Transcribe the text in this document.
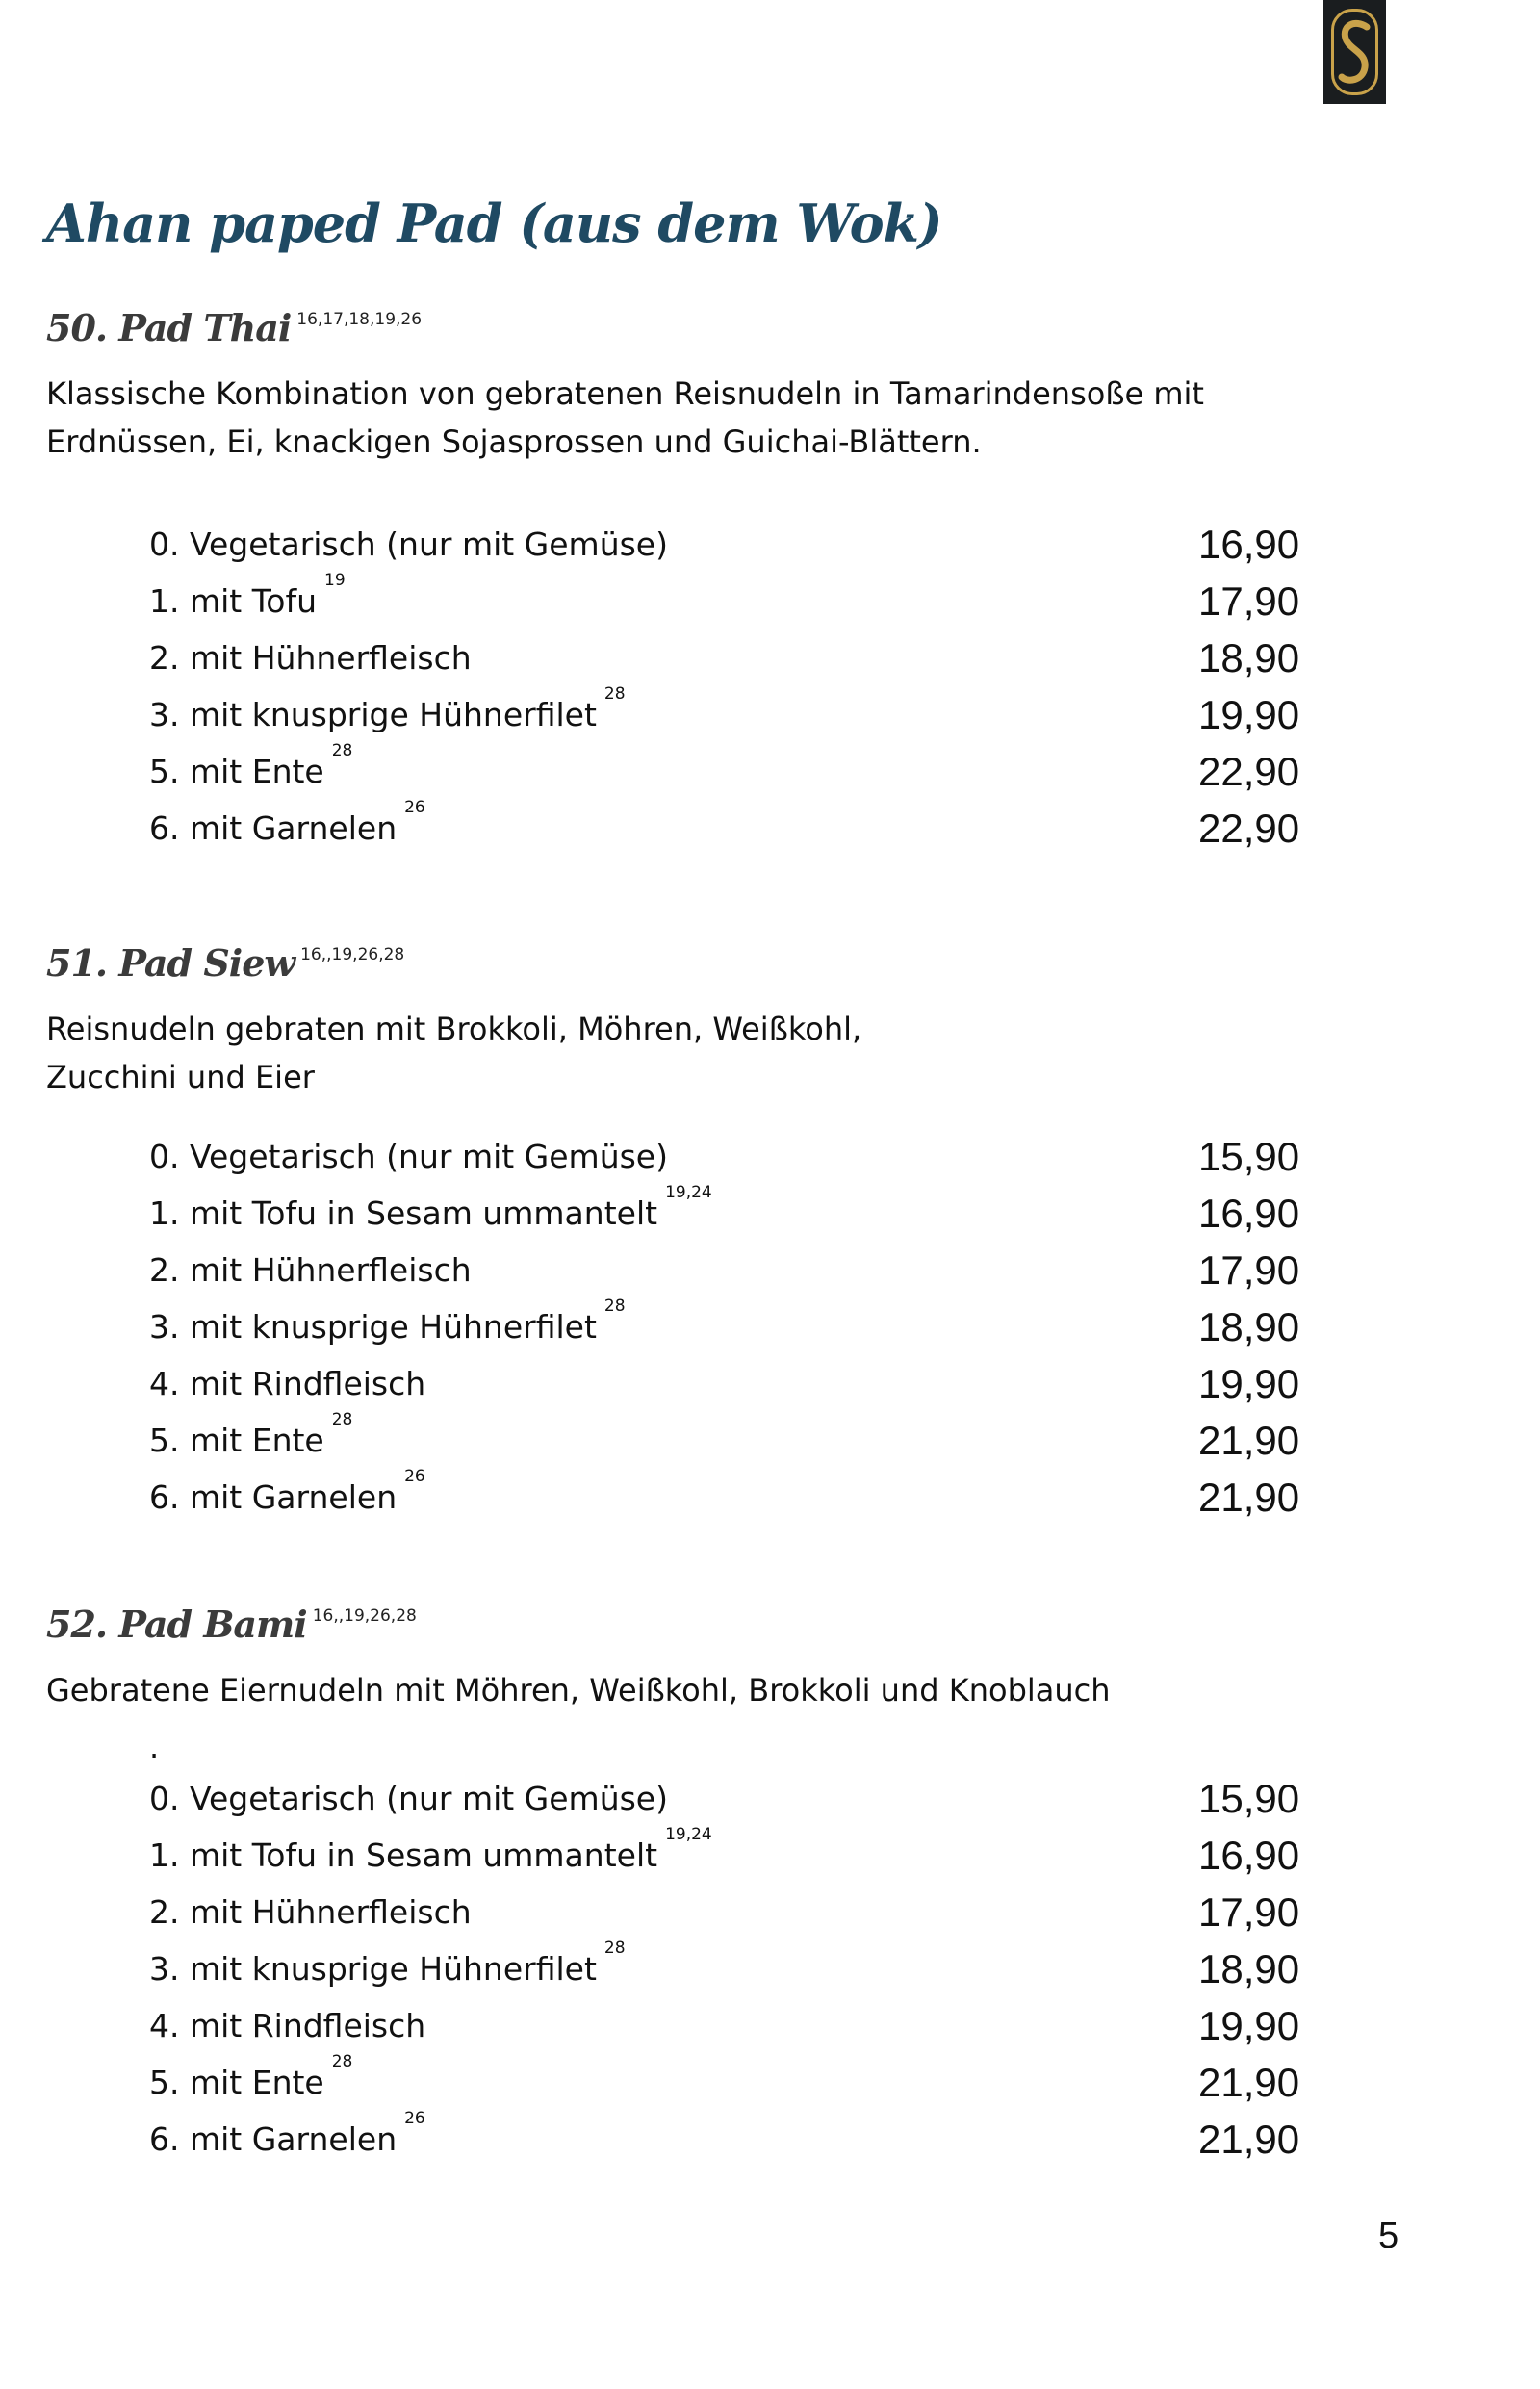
Ahan paped Pad (aus dem Wok)
50. Pad Thai 16,17,18,19,26
Klassische Kombination von gebratenen Reisnudeln in Tamarindensoße mit
Erdnüssen, Ei, knackigen Sojasprossen und Guichai-Blättern.
0. Vegetarisch (nur mit Gemüse)	16,90
1. mit Tofu19	17,90
2. mit Hühnerfleisch	18,90
3. mit knusprige Hühnerfilet28	19,90
5. mit Ente28	22,90
6. mit Garnelen26	22,90
51. Pad Siew 16,,19,26,28
Reisnudeln gebraten mit Brokkoli, Möhren, Weißkohl,
Zucchini und Eier
0. Vegetarisch (nur mit Gemüse)	15,90
1. mit Tofu in Sesam ummantelt19,24	16,90
2. mit Hühnerfleisch	17,90
3. mit knusprige Hühnerfilet28	18,90
4. mit Rindfleisch	19,90
5. mit Ente28	21,90
6. mit Garnelen26	21,90
52. Pad Bami 16,,19,26,28
Gebratene Eiernudeln mit Möhren, Weißkohl, Brokkoli und Knoblauch
.
0. Vegetarisch (nur mit Gemüse)	15,90
1. mit Tofu in Sesam ummantelt19,24	16,90
2. mit Hühnerfleisch	17,90
3. mit knusprige Hühnerfilet28	18,90
4. mit Rindfleisch	19,90
5. mit Ente28	21,90
6. mit Garnelen26	21,90
5
